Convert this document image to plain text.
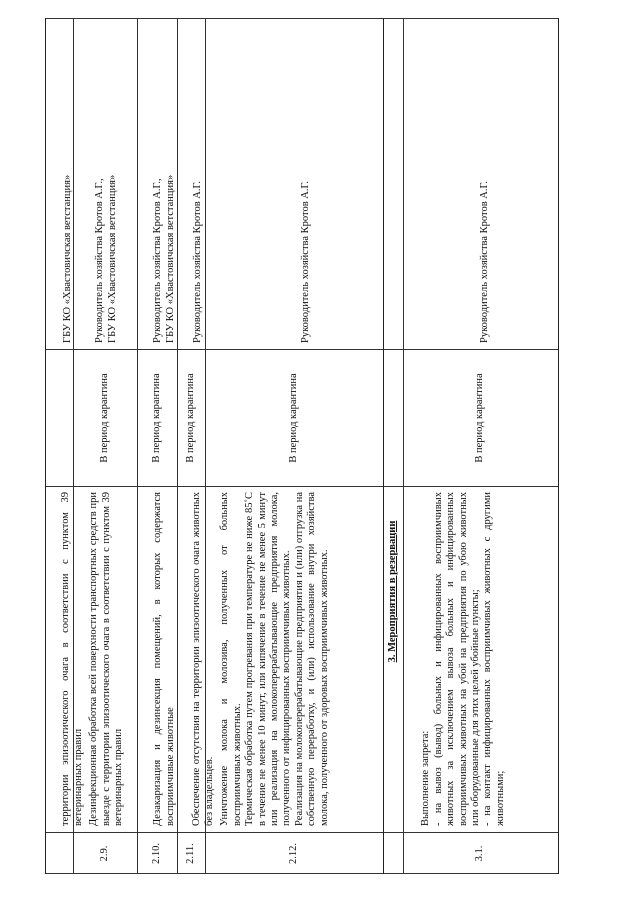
территории эпизоотического очага в соответствии с пунктом 39 ветеринарных правил

ГБУ КО «Хвастовичская ветстанция»

2.9.

Дезинфекционная обработка всей поверхности транспортных средств при выезде с территории эпизоотического очага в соответствии с пунктом 39 ветеринарных правил

В период карантина

Руководитель хозяйства Кротов А.Г.,
ГБУ КО «Хвастовичская ветстанция»

2.10.

Дезакаризация и дезинсекция помещений, в которых содержатся восприимчивые животные

В период карантина

Руководитель хозяйства Кротов А.Г.,
ГБУ КО «Хвастовичская ветстанция»

2.11.

Обеспечение отсутствия на территории эпизоотического очага животных без владельцев.

В период карантина

Руководитель хозяйства Кротов А.Г.

2.12.

Уничтожение молока и молозива, полученных от больных восприимчивых животных.
Термическая обработка путем прогревания при температуре не ниже 85˚С в течение не менее 10 минут, или кипячение в течение не менее 5 минут или реализация на молокоперерабатывающие предприятия молока, полученного от инфицированных восприимчивых животных.
Реализация на молокоперерабатывающие предприятия и (или) отгрузка на собственную переработку, и (или) использование внутри хозяйства молока, полученного от здоровых восприимчивых животных.

В период карантина

Руководитель хозяйства Кротов А.Г.

3. Мероприятия в резервации
3.1.

Выполнение запрета:
- на вывоз (вывод) больных и инфицированных восприимчивых животных за исключением вывоза больных и инфицированных восприимчивых животных на убой на предприятия по убою животных или оборудованные для этих целей убойные пункты;
- на контакт инфицированных восприимчивых животных с другими животными;

В период карантина

Руководитель хозяйства Кротов А.Г.
